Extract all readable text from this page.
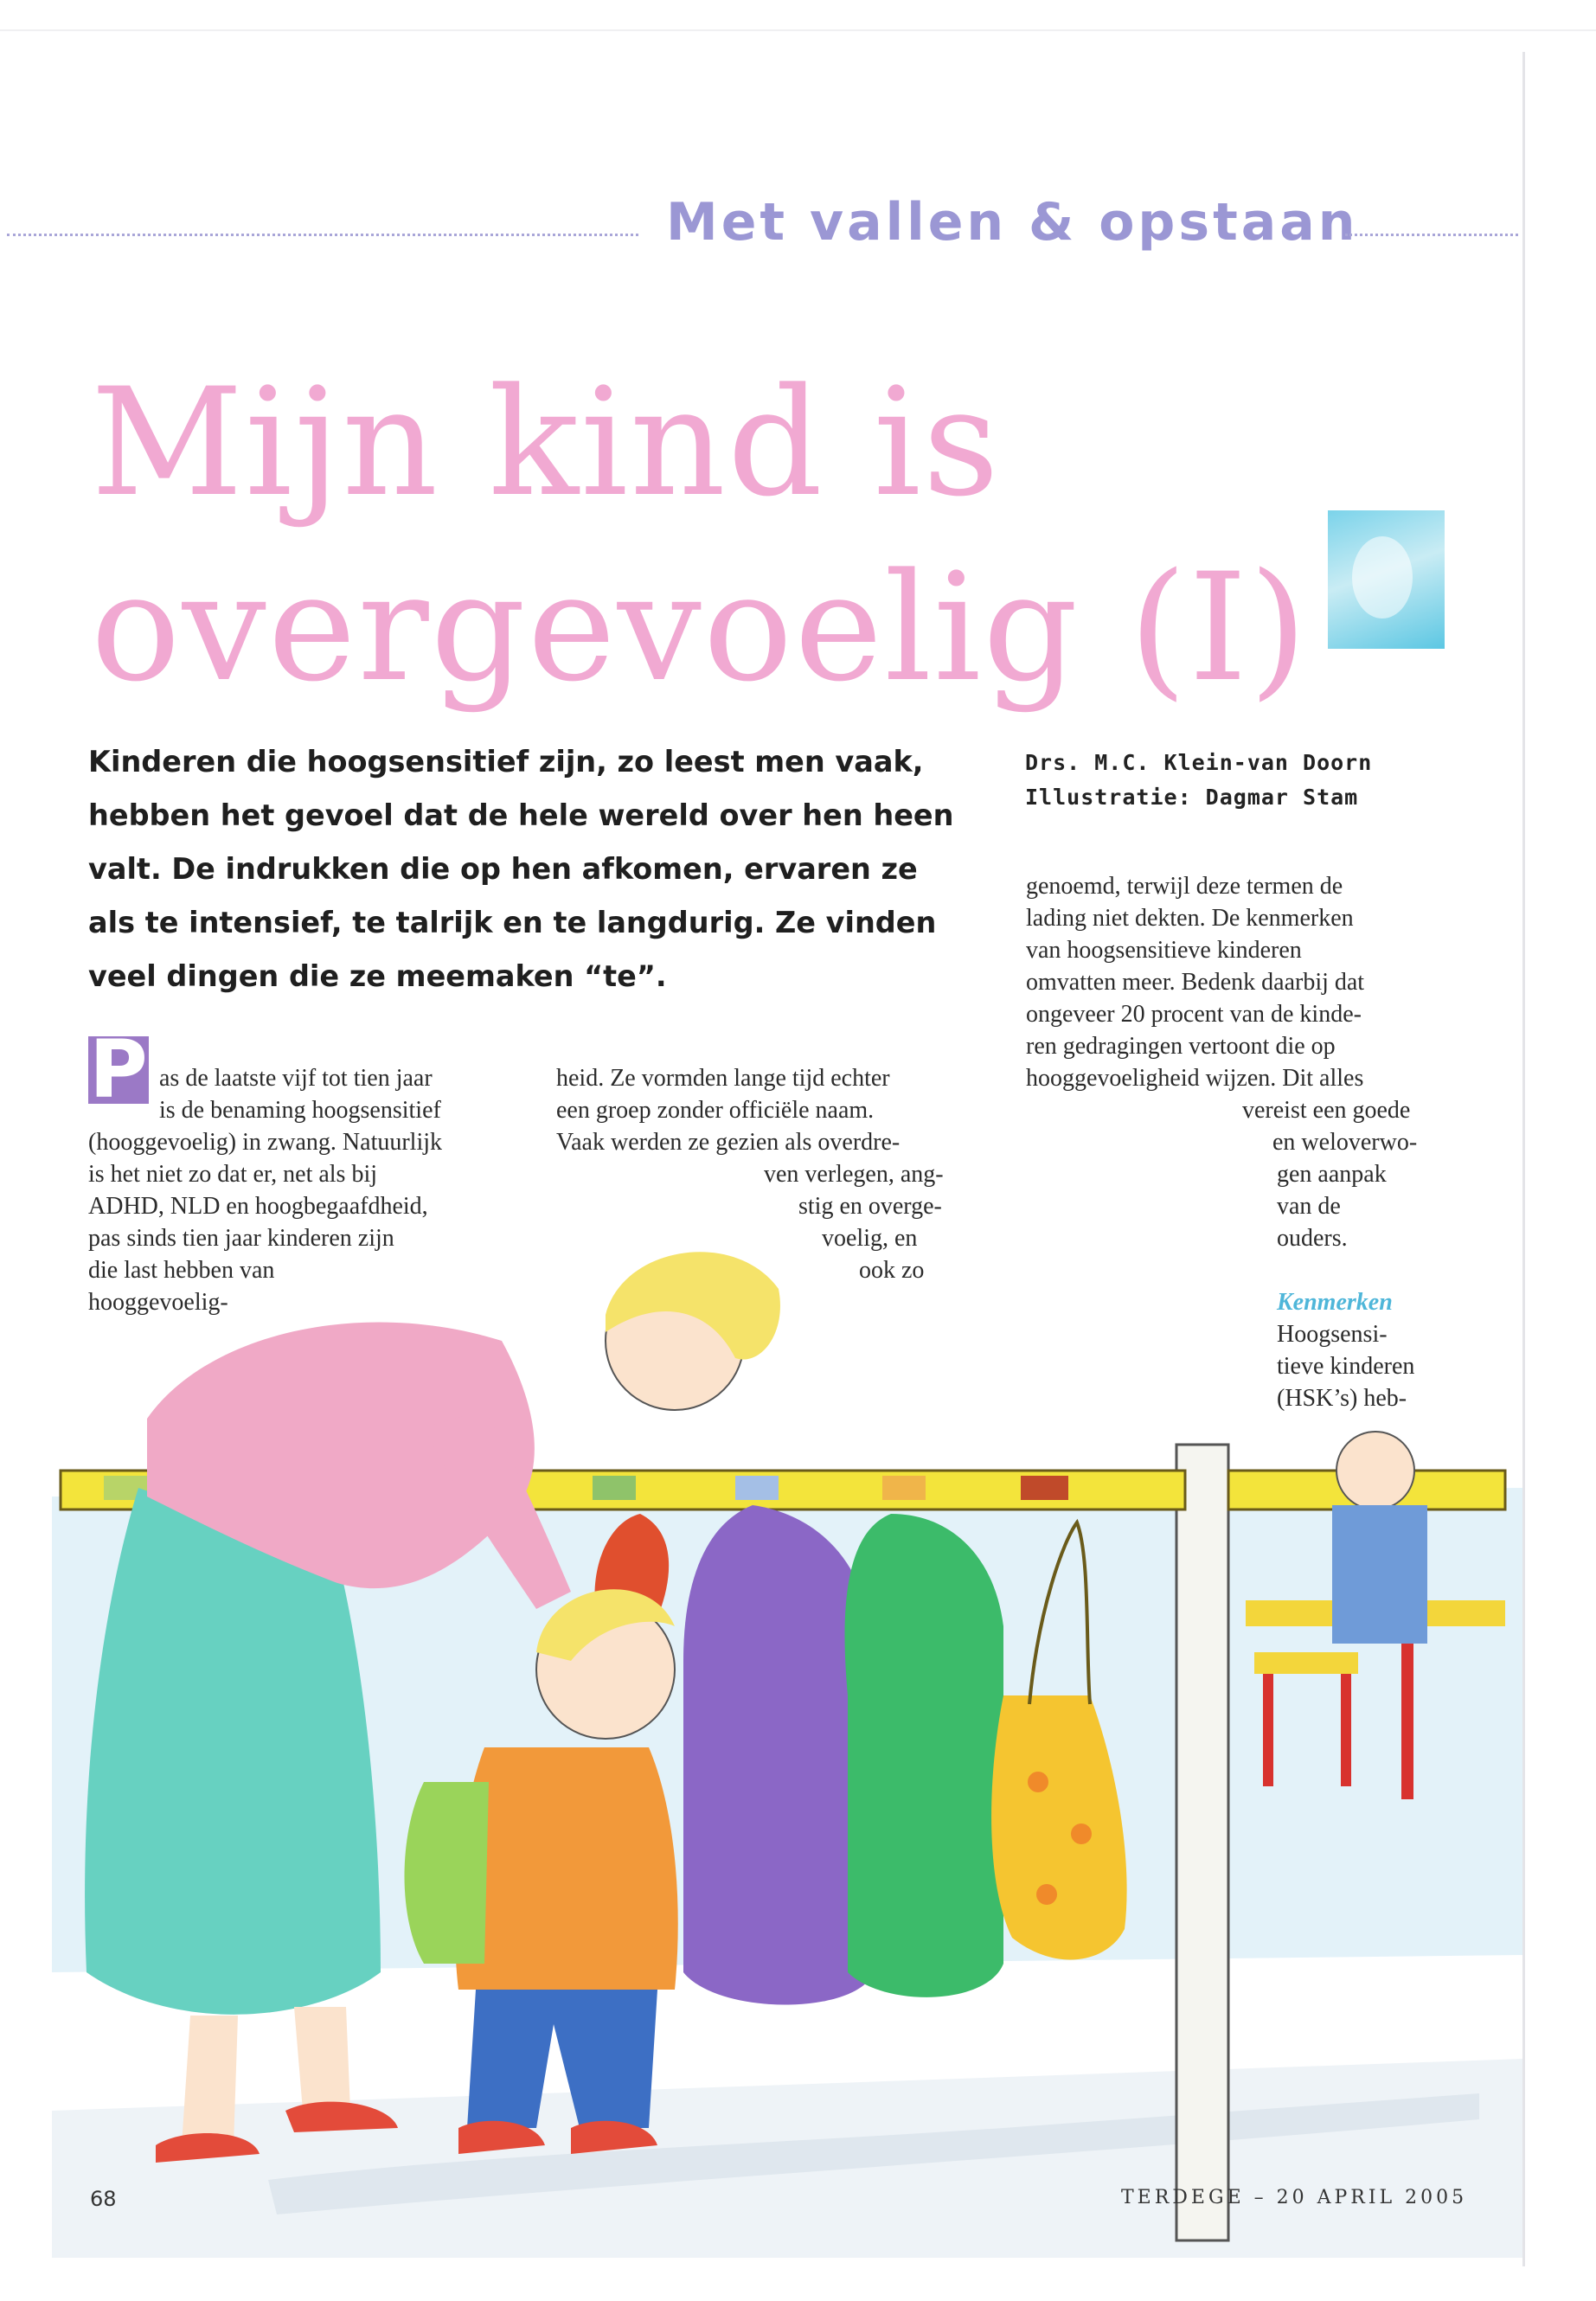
Met vallen & opstaan
Mijn kind is
overgevoelig (I)
Kinderen die hoogsensitief zijn, zo leest men vaak, hebben het gevoel dat de hele wereld over hen heen valt. De indrukken die op hen afkomen, ervaren ze als te intensief, te talrijk en te langdurig. Ze vinden veel dingen die ze meemaken “te”.
Drs. M.C. Klein-van Doorn
Illustratie: Dagmar Stam
P as de laatste vijf tot tien jaar
is de benaming hoogsensitief
(hooggevoelig) in zwang. Natuurlijk
is het niet zo dat er, net als bij
ADHD, NLD en hoogbegaafdheid,
pas sinds tien jaar kinderen zijn
die last hebben van
hooggevoelig-
heid. Ze vormden lange tijd echter
een groep zonder officiële naam.
Vaak werden ze gezien als overdre-
ven verlegen, ang-
stig en overge-
voelig, en
ook zo
genoemd, terwijl deze termen de
lading niet dekten. De kenmerken
van hoogsensitieve kinderen
omvatten meer. Bedenk daarbij dat
ongeveer 20 procent van de kinde-
ren gedragingen vertoont die op
hooggevoeligheid wijzen. Dit alles
vereist een goede
en weloverwo-
gen aanpak
van de
ouders.
Kenmerken
Hoogsensi-
tieve kinderen
(HSK’s) heb-
68	TERDEGE – 20 APRIL 2005
